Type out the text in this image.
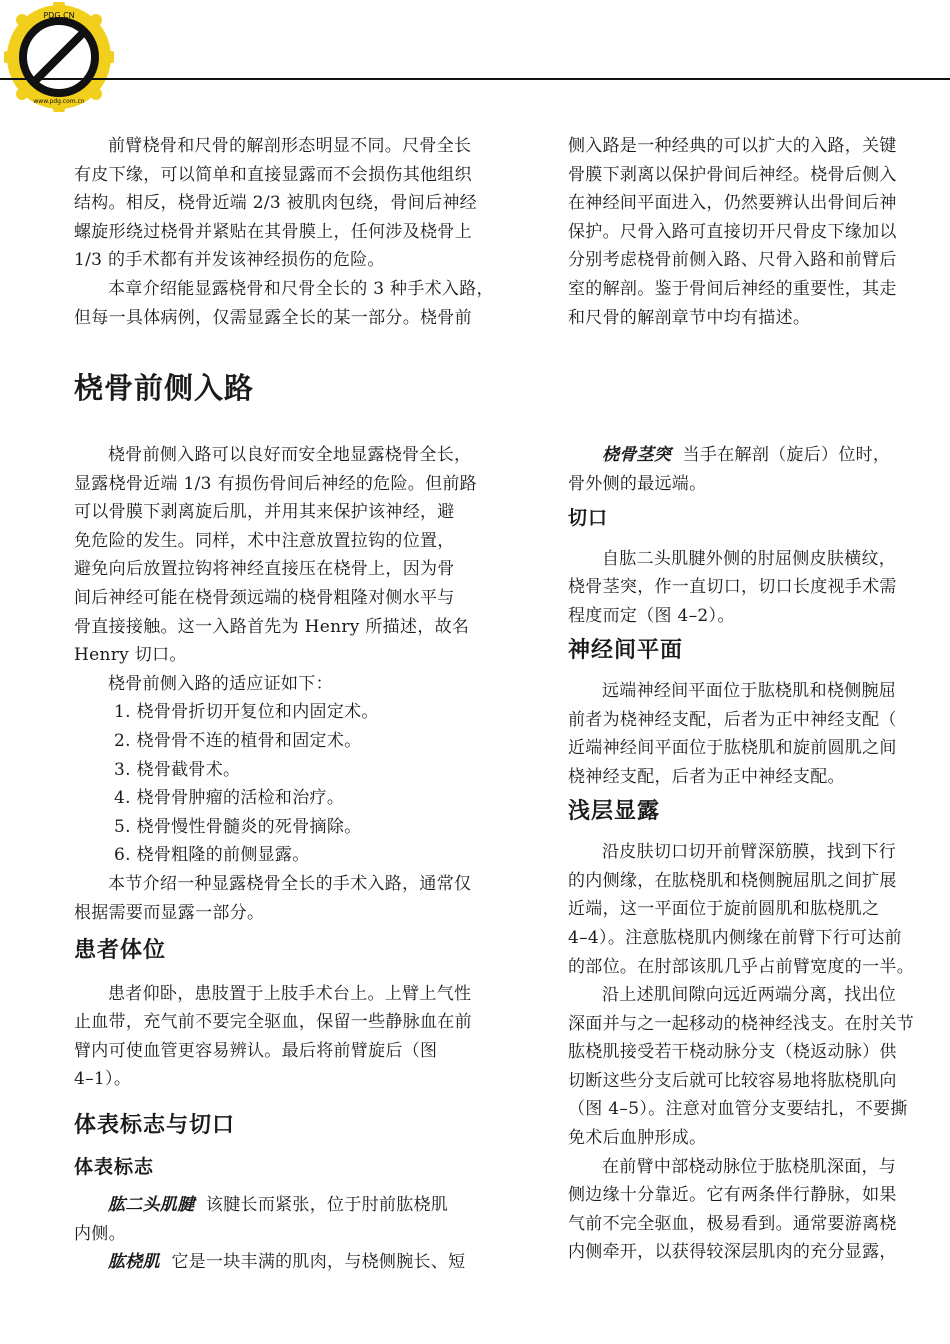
PDG.CN
www.pdg.com.cn

前臂桡骨和尺骨的解剖形态明显不同。尺骨全长

有皮下缘，可以简单和直接显露而不会损伤其他组织

结构。相反，桡骨近端 2/3 被肌肉包绕，骨间后神经

螺旋形绕过桡骨并紧贴在其骨膜上，任何涉及桡骨上

1/3 的手术都有并发该神经损伤的危险。

本章介绍能显露桡骨和尺骨全长的 3 种手术入路，

但每一具体病例，仅需显露全长的某一部分。桡骨前

侧入路是一种经典的可以扩大的入路，关键

骨膜下剥离以保护骨间后神经。桡骨后侧入

在神经间平面进入，仍然要辨认出骨间后神

保护。尺骨入路可直接切开尺骨皮下缘加以

分别考虑桡骨前侧入路、尺骨入路和前臂后

室的解剖。鉴于骨间后神经的重要性，其走

和尺骨的解剖章节中均有描述。

桡骨前侧入路

桡骨前侧入路可以良好而安全地显露桡骨全长，

显露桡骨近端 1/3 有损伤骨间后神经的危险。但前路

可以骨膜下剥离旋后肌，并用其来保护该神经，避

免危险的发生。同样，术中注意放置拉钩的位置，

避免向后放置拉钩将神经直接压在桡骨上，因为骨

间后神经可能在桡骨颈远端的桡骨粗隆对侧水平与

骨直接接触。这一入路首先为 Henry 所描述，故名

Henry 切口。

桡骨前侧入路的适应证如下：

1. 桡骨骨折切开复位和内固定术。

2. 桡骨骨不连的植骨和固定术。

3. 桡骨截骨术。

4. 桡骨骨肿瘤的活检和治疗。

5. 桡骨慢性骨髓炎的死骨摘除。

6. 桡骨粗隆的前侧显露。

本节介绍一种显露桡骨全长的手术入路，通常仅

根据需要而显露一部分。

患者体位

患者仰卧，患肢置于上肢手术台上。上臂上气性

止血带，充气前不要完全驱血，保留一些静脉血在前

臂内可使血管更容易辨认。最后将前臂旋后（图

4–1）。

体表标志与切口
体表标志

肱二头肌腱 该腱长而紧张，位于肘前肱桡肌

内侧。

肱桡肌 它是一块丰满的肌肉，与桡侧腕长、短

桡骨茎突 当手在解剖（旋后）位时，

骨外侧的最远端。

切口

自肱二头肌腱外侧的肘屈侧皮肤横纹，

桡骨茎突，作一直切口，切口长度视手术需

程度而定（图 4–2）。

神经间平面

远端神经间平面位于肱桡肌和桡侧腕屈

前者为桡神经支配，后者为正中神经支配（

近端神经间平面位于肱桡肌和旋前圆肌之间

桡神经支配，后者为正中神经支配。

浅层显露

沿皮肤切口切开前臂深筋膜，找到下行

的内侧缘，在肱桡肌和桡侧腕屈肌之间扩展

近端，这一平面位于旋前圆肌和肱桡肌之

4–4）。注意肱桡肌内侧缘在前臂下行可达前

的部位。在肘部该肌几乎占前臂宽度的一半。

沿上述肌间隙向远近两端分离，找出位

深面并与之一起移动的桡神经浅支。在肘关节

肱桡肌接受若干桡动脉分支（桡返动脉）供

切断这些分支后就可比较容易地将肱桡肌向

（图 4–5）。注意对血管分支要结扎，不要撕

免术后血肿形成。

在前臂中部桡动脉位于肱桡肌深面，与

侧边缘十分靠近。它有两条伴行静脉，如果

气前不完全驱血，极易看到。通常要游离桡

内侧牵开，以获得较深层肌肉的充分显露，
